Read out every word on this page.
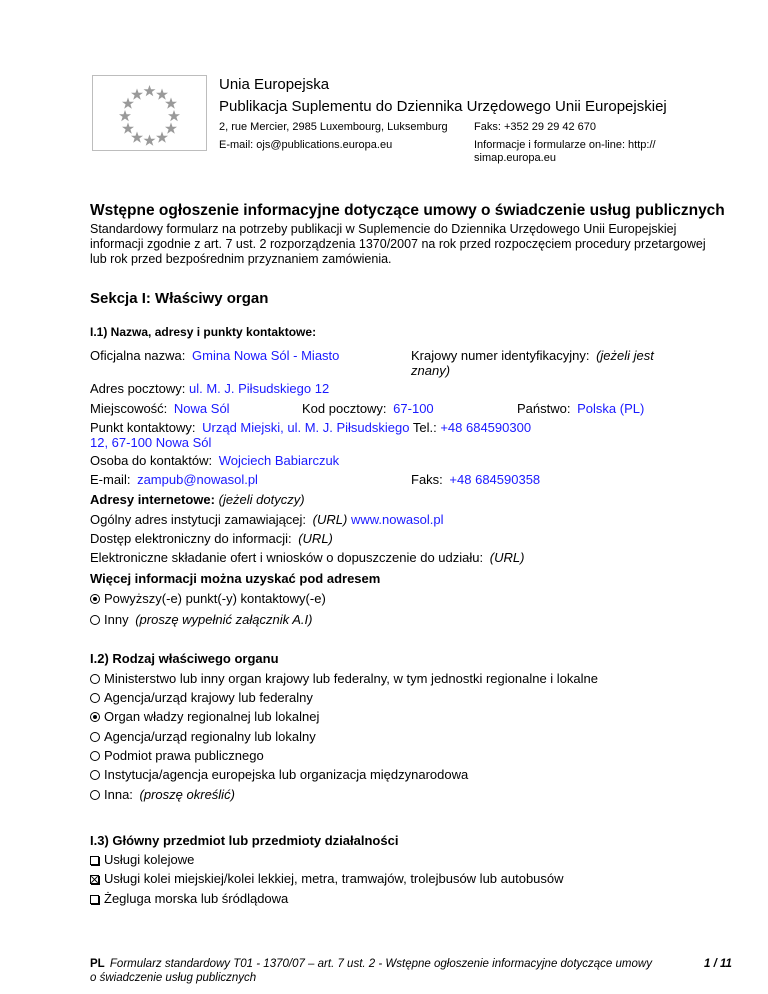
Unia Europejska
Publikacja Suplementu do Dziennika Urzędowego Unii Europejskiej
2, rue Mercier, 2985 Luxembourg, Luksemburg Faks: +352 29 29 42 670
E-mail: ojs@publications.europa.eu	Informacje i formularze on-line: http://
simap.europa.eu
Wstępne ogłoszenie informacyjne dotyczące umowy o świadczenie usług publicznych
Standardowy formularz na potrzeby publikacji w Suplemencie do Dziennika Urzędowego Unii Europejskiej
informacji zgodnie z art. 7 ust. 2 rozporządzenia 1370/2007 na rok przed rozpoczęciem procedury przetargowej
lub rok przed bezpośrednim przyznaniem zamówienia.
Sekcja I: Właściwy organ
I.1) Nazwa, adresy i punkty kontaktowe:
Oficjalna nazwa: Gmina Nowa Sól - Miasto	Krajowy numer identyfikacyjny: (jeżeli jest
znany)
Adres pocztowy: ul. M. J. Piłsudskiego 12
Miejscowość: Nowa Sól	Kod pocztowy: 67-100	Państwo: Polska (PL)
Punkt kontaktowy: Urząd Miejski, ul. M. J. Piłsudskiego Tel.: +48 684590300
12, 67-100 Nowa Sól
Osoba do kontaktów: Wojciech Babiarczuk
E-mail: zampub@nowasol.pl	Faks: +48 684590358
Adresy internetowe: (jeżeli dotyczy)
Ogólny adres instytucji zamawiającej: (URL) www.nowasol.pl
Dostęp elektroniczny do informacji: (URL)
Elektroniczne składanie ofert i wniosków o dopuszczenie do udziału: (URL)
Więcej informacji można uzyskać pod adresem
Powyższy(-e) punkt(-y) kontaktowy(-e)
Inny (proszę wypełnić załącznik A.I)
I.2) Rodzaj właściwego organu
Ministerstwo lub inny organ krajowy lub federalny, w tym jednostki regionalne i lokalne
Agencja/urząd krajowy lub federalny
Organ władzy regionalnej lub lokalnej
Agencja/urząd regionalny lub lokalny
Podmiot prawa publicznego
Instytucja/agencja europejska lub organizacja międzynarodowa
Inna: (proszę określić)
I.3) Główny przedmiot lub przedmioty działalności
Usługi kolejowe
Usługi kolei miejskiej/kolei lekkiej, metra, tramwajów, trolejbusów lub autobusów
Żegluga morska lub śródlądowa
PL Formularz standardowy T01 - 1370/07 – art. 7 ust. 2 - Wstępne ogłoszenie informacyjne dotyczące umowy
o świadczenie usług publicznych
1 / 11
